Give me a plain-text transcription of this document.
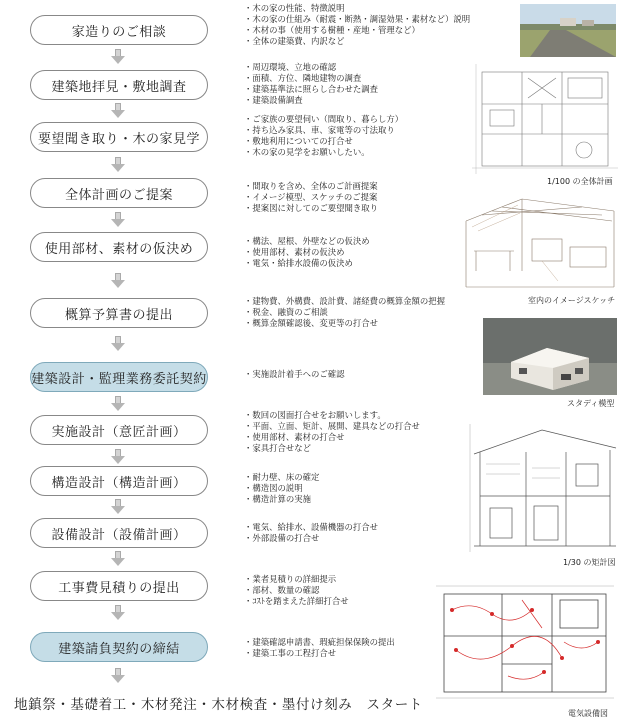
家造りのご相談
建築地拝見・敷地調査
要望聞き取り・木の家見学
全体計画のご提案
使用部材、素材の仮決め
概算予算書の提出
建築設計・監理業務委託契約
実施設計（意匠計画）
構造設計（構造計画）
設備設計（設備計画）
工事費見積りの提出
建築請負契約の締結
・ 木の家の性能、特徴説明
・ 木の家の仕組み（耐震・断熱・調湿効果・素材など）説明
・ 木材の事（使用する樹種・産地・管理など）
・ 全体の建築費、内訳など
・ 周辺環境、立地の確認
・ 面積、方位、隣地建物の調査
・ 建築基準法に照らし合わせた調査
・ 建築設備調査
・ ご家族の要望伺い（間取り、暮らし方）
・ 持ち込み家具、車、家電等の寸法取り
・ 敷地利用についての打合せ
・ 木の家の見学をお願いしたい。
・ 間取りを含め、全体のご計画提案
・ イメージ模型、スケッチのご提案
・ 提案図に対してのご要望聞き取り
・ 構法、屋根、外壁などの仮決め
・ 使用部材、素材の仮決め
・ 電気・給排水設備の仮決め
・ 建物費、外構費、設計費、諸経費の概算金額の把握
・ 税金、融資のご相談
・ 概算金額確認後、変更等の打合せ
・ 実施設計着手へのご確認
・ 数回の図面打合せをお願いします。
・ 平面、立面、矩計、展開、建具などの打合せ
・ 使用部材、素材の打合せ
・ 家具打合せなど
・ 耐力壁、床の確定
・ 構造図の説明
・ 構造計算の実施
・ 電気、給排水、設備機器の打合せ
・ 外部設備の打合せ
・ 業者見積りの詳細提示
・ 部材、数量の確認
・ ｺｽﾄを踏まえた詳細打合せ
・ 建築確認申請書、瑕疵担保保険の提出
・ 建築工事の工程打合せ
1/100 の全体計画
室内のイメージスケッチ
スタディ模型
1/30 の矩計図
電気設備図
地鎮祭・基礎着工・木材発注・木材検査・墨付け刻み　スタート
